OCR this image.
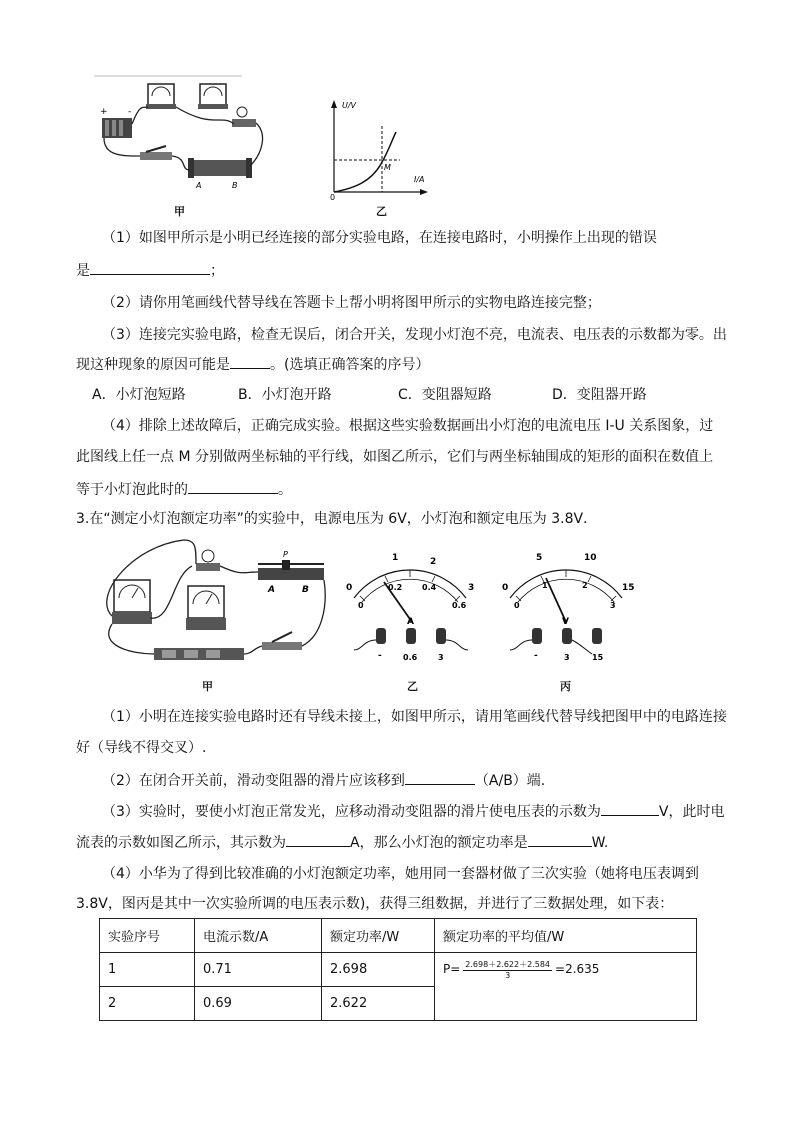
+ -
A	B
甲
U/V
I/A
0
M
乙
（1）如图甲所示是小明已经连接的部分实验电路，在连接电路时，小明操作上出现的错误
是	；
（2）请你用笔画线代替导线在答题卡上帮小明将图甲所示的实物电路连接完整；
（3）连接完实验电路，检查无误后，闭合开关，发现小灯泡不亮，电流表、电压表的示数都为零。出
现这种现象的原因可能是	。(选填正确答案的序号）
A．小灯泡短路	B．小灯泡开路	C．变阻器短路	D．变阻器开路
（4）排除上述故障后，正确完成实验。根据这些实验数据画出小灯泡的电流电压 I-U 关系图象，过
此图线上任一点 M 分别做两坐标轴的平行线，如图乙所示，它们与两坐标轴围成的矩形的面积在数值上
等于小灯泡此时的	。
3.在“测定小灯泡额定功率”的实验中，电源电压为 6V，小灯泡和额定电压为 3.8V．
P
A	B
甲
1	2
0	3
0
0.2 0.4
0.6
A
-	0.6	3
乙
5	10
0	15
0
1	2
3
V
-	3	15
丙
（1）小明在连接实验电路时还有导线未接上，如图甲所示，请用笔画线代替导线把图甲中的电路连接
好（导线不得交叉）.
（2）在闭合开关前，滑动变阻器的滑片应该移到	（A/B）端.
（3）实验时，要使小灯泡正常发光，应移动滑动变阻器的滑片使电压表的示数为	V，此时电
流表的示数如图乙所示，其示数为	A，那么小灯泡的额定功率是	W.
（4）小华为了得到比较准确的小灯泡额定功率，她用同一套器材做了三次实验（她将电压表调到
3.8V，图丙是其中一次实验所调的电压表示数)，获得三组数据，并进行了三数据处理，如下表：
实验序号	电流示数/A	额定功率/W	额定功率的平均值/W
1	0.71	2.698	$P= \frac{2.698+2.622+2.584}{3} =2.635$
2	0.69	2.622	
